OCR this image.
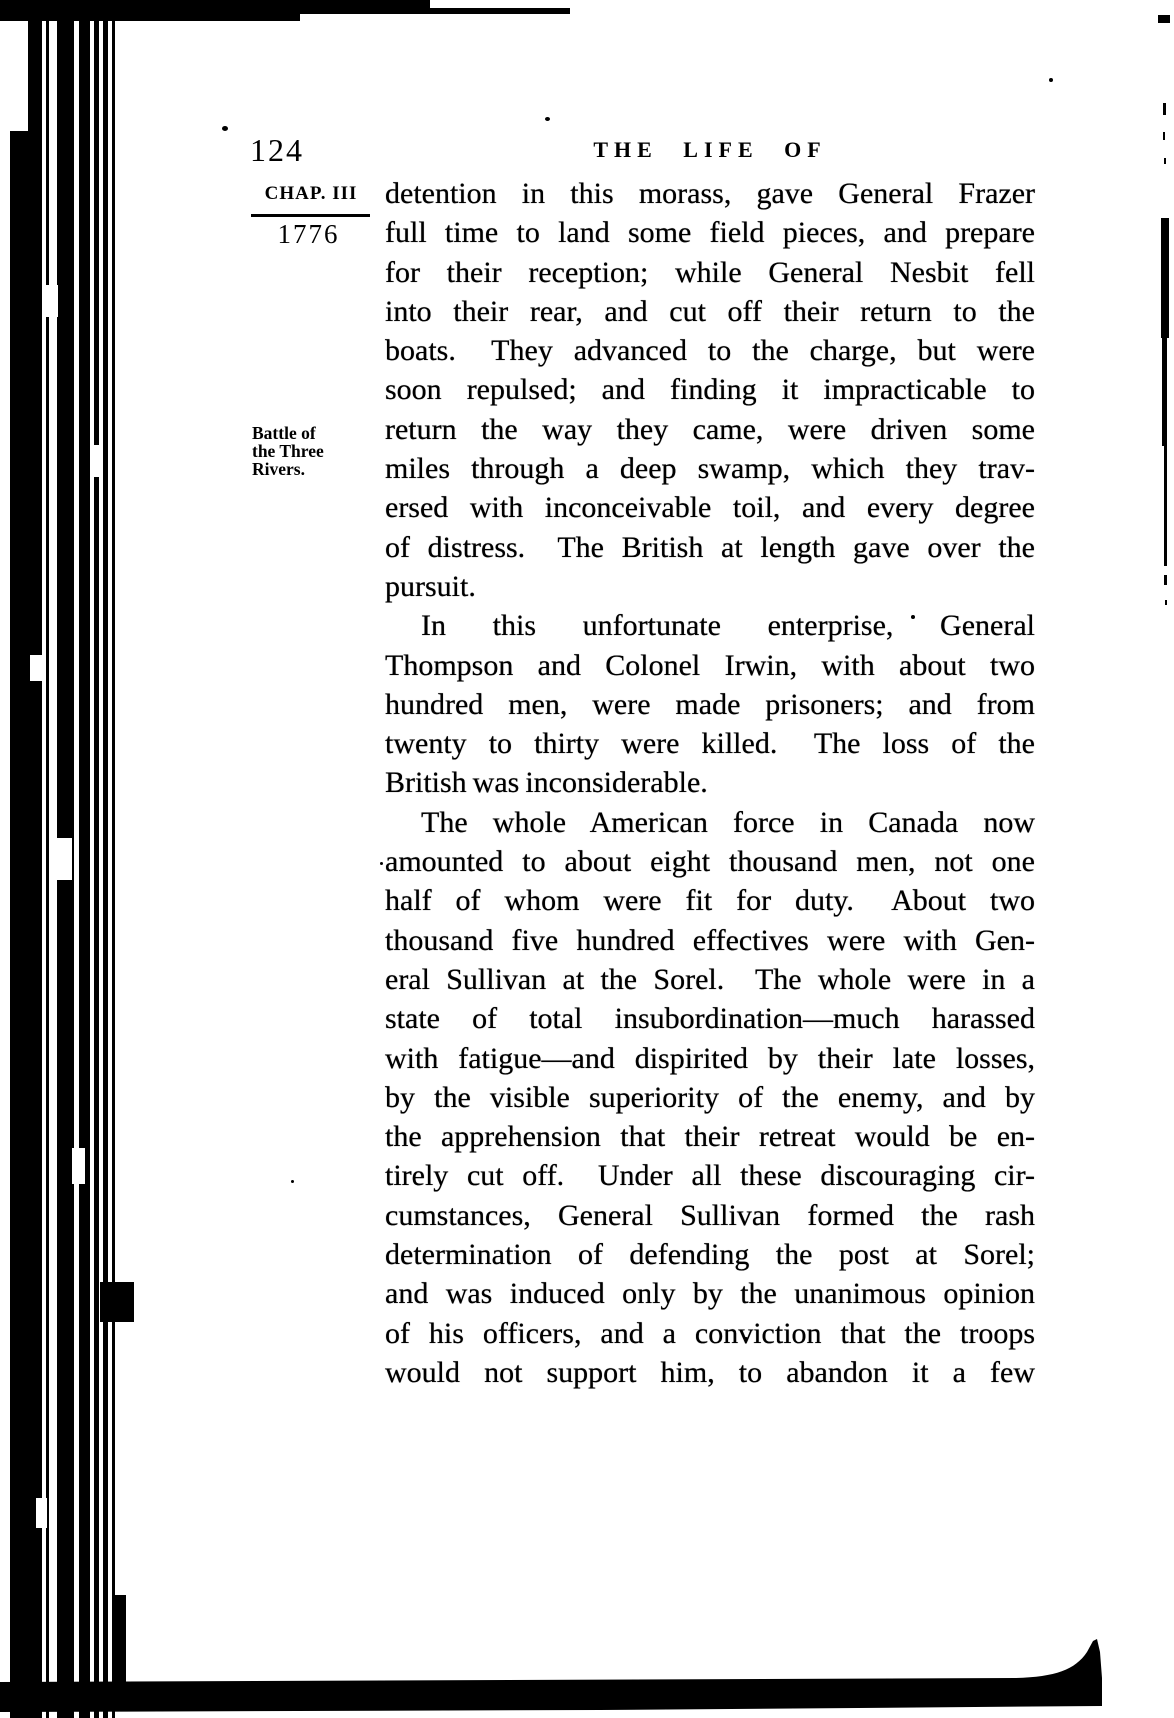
124	THE LIFE OF
CHAP. III
1776
Battle of
the Three
Rivers.
detention in this morass, gave General Frazer
full time to land some field pieces, and prepare
for their reception; while General Nesbit fell
into their rear, and cut off their return to the
boats.  They advanced to the charge, but were
soon repulsed; and finding it impracticable to
return the way they came, were driven some
miles through a deep swamp, which they trav-
ersed with inconceivable toil, and every degree
of distress.  The British at length gave over the
pursuit.
In this unfortunate enterprise, General
Thompson and Colonel Irwin, with about two
hundred men, were made prisoners; and from
twenty to thirty were killed.  The loss of the
British was inconsiderable.
The whole American force in Canada now
amounted to about eight thousand men, not one
half of whom were fit for duty.  About two
thousand five hundred effectives were with Gen-
eral Sullivan at the Sorel.  The whole were in a
state of total insubordination—much harassed
with fatigue—and dispirited by their late losses,
by the visible superiority of the enemy, and by
the apprehension that their retreat would be en-
tirely cut off.  Under all these discouraging cir-
cumstances, General Sullivan formed the rash
determination of defending the post at Sorel;
and was induced only by the unanimous opinion
of his officers, and a conviction that the troops
would not support him, to abandon it a few
